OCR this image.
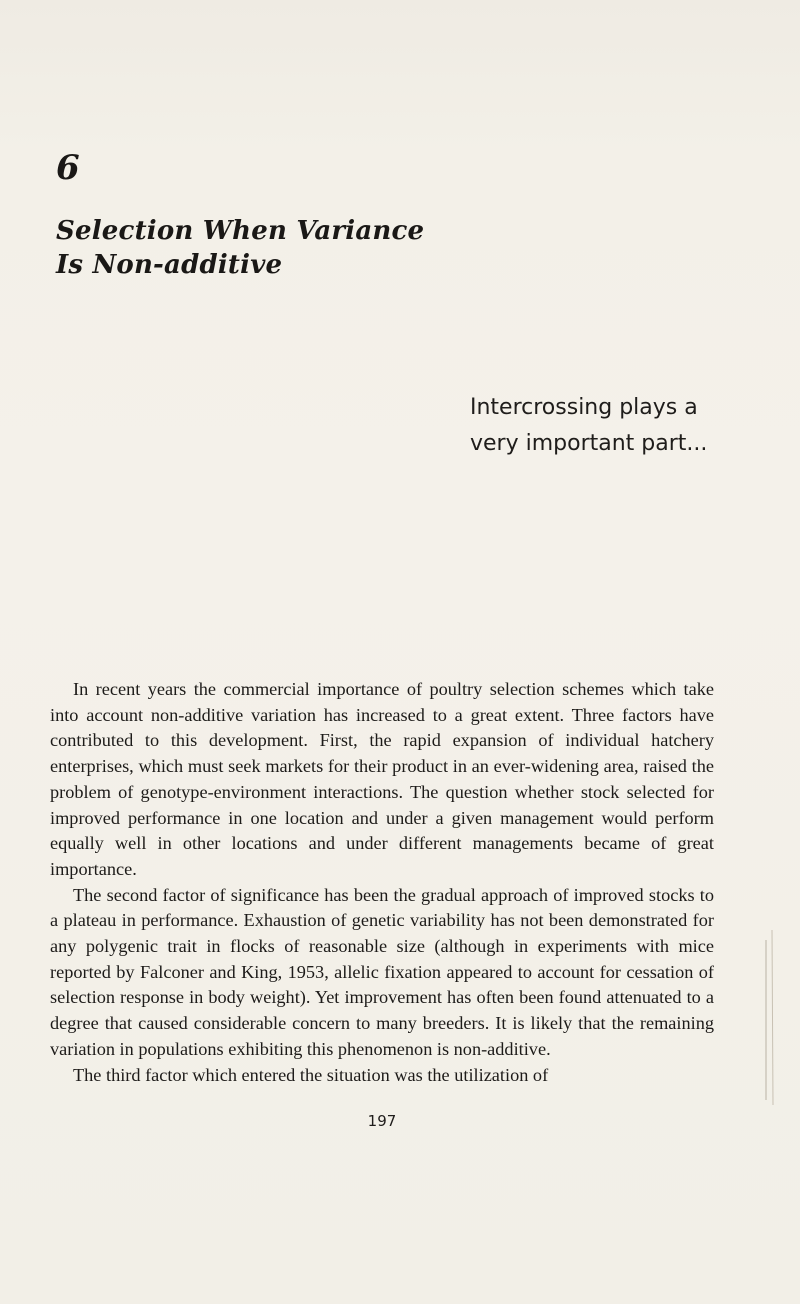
6
Selection When Variance
Is Non-additive
Intercrossing plays a
very important part...

In recent years the commercial importance of poultry selection schemes which take into account non-additive variation has increased to a great extent. Three factors have contributed to this development. First, the rapid expansion of individual hatchery enterprises, which must seek markets for their product in an ever-widening area, raised the problem of genotype-environment interactions. The question whether stock selected for improved performance in one location and under a given management would perform equally well in other locations and under different managements became of great importance.

The second factor of significance has been the gradual approach of improved stocks to a plateau in performance. Exhaustion of genetic variability has not been demonstrated for any polygenic trait in flocks of reasonable size (although in experiments with mice reported by Falconer and King, 1953, allelic fixation appeared to account for cessation of selection response in body weight). Yet improvement has often been found attenuated to a degree that caused considerable concern to many breeders. It is likely that the remaining variation in populations exhibiting this phenomenon is non-additive.

The third factor which entered the situation was the utilization of

197
